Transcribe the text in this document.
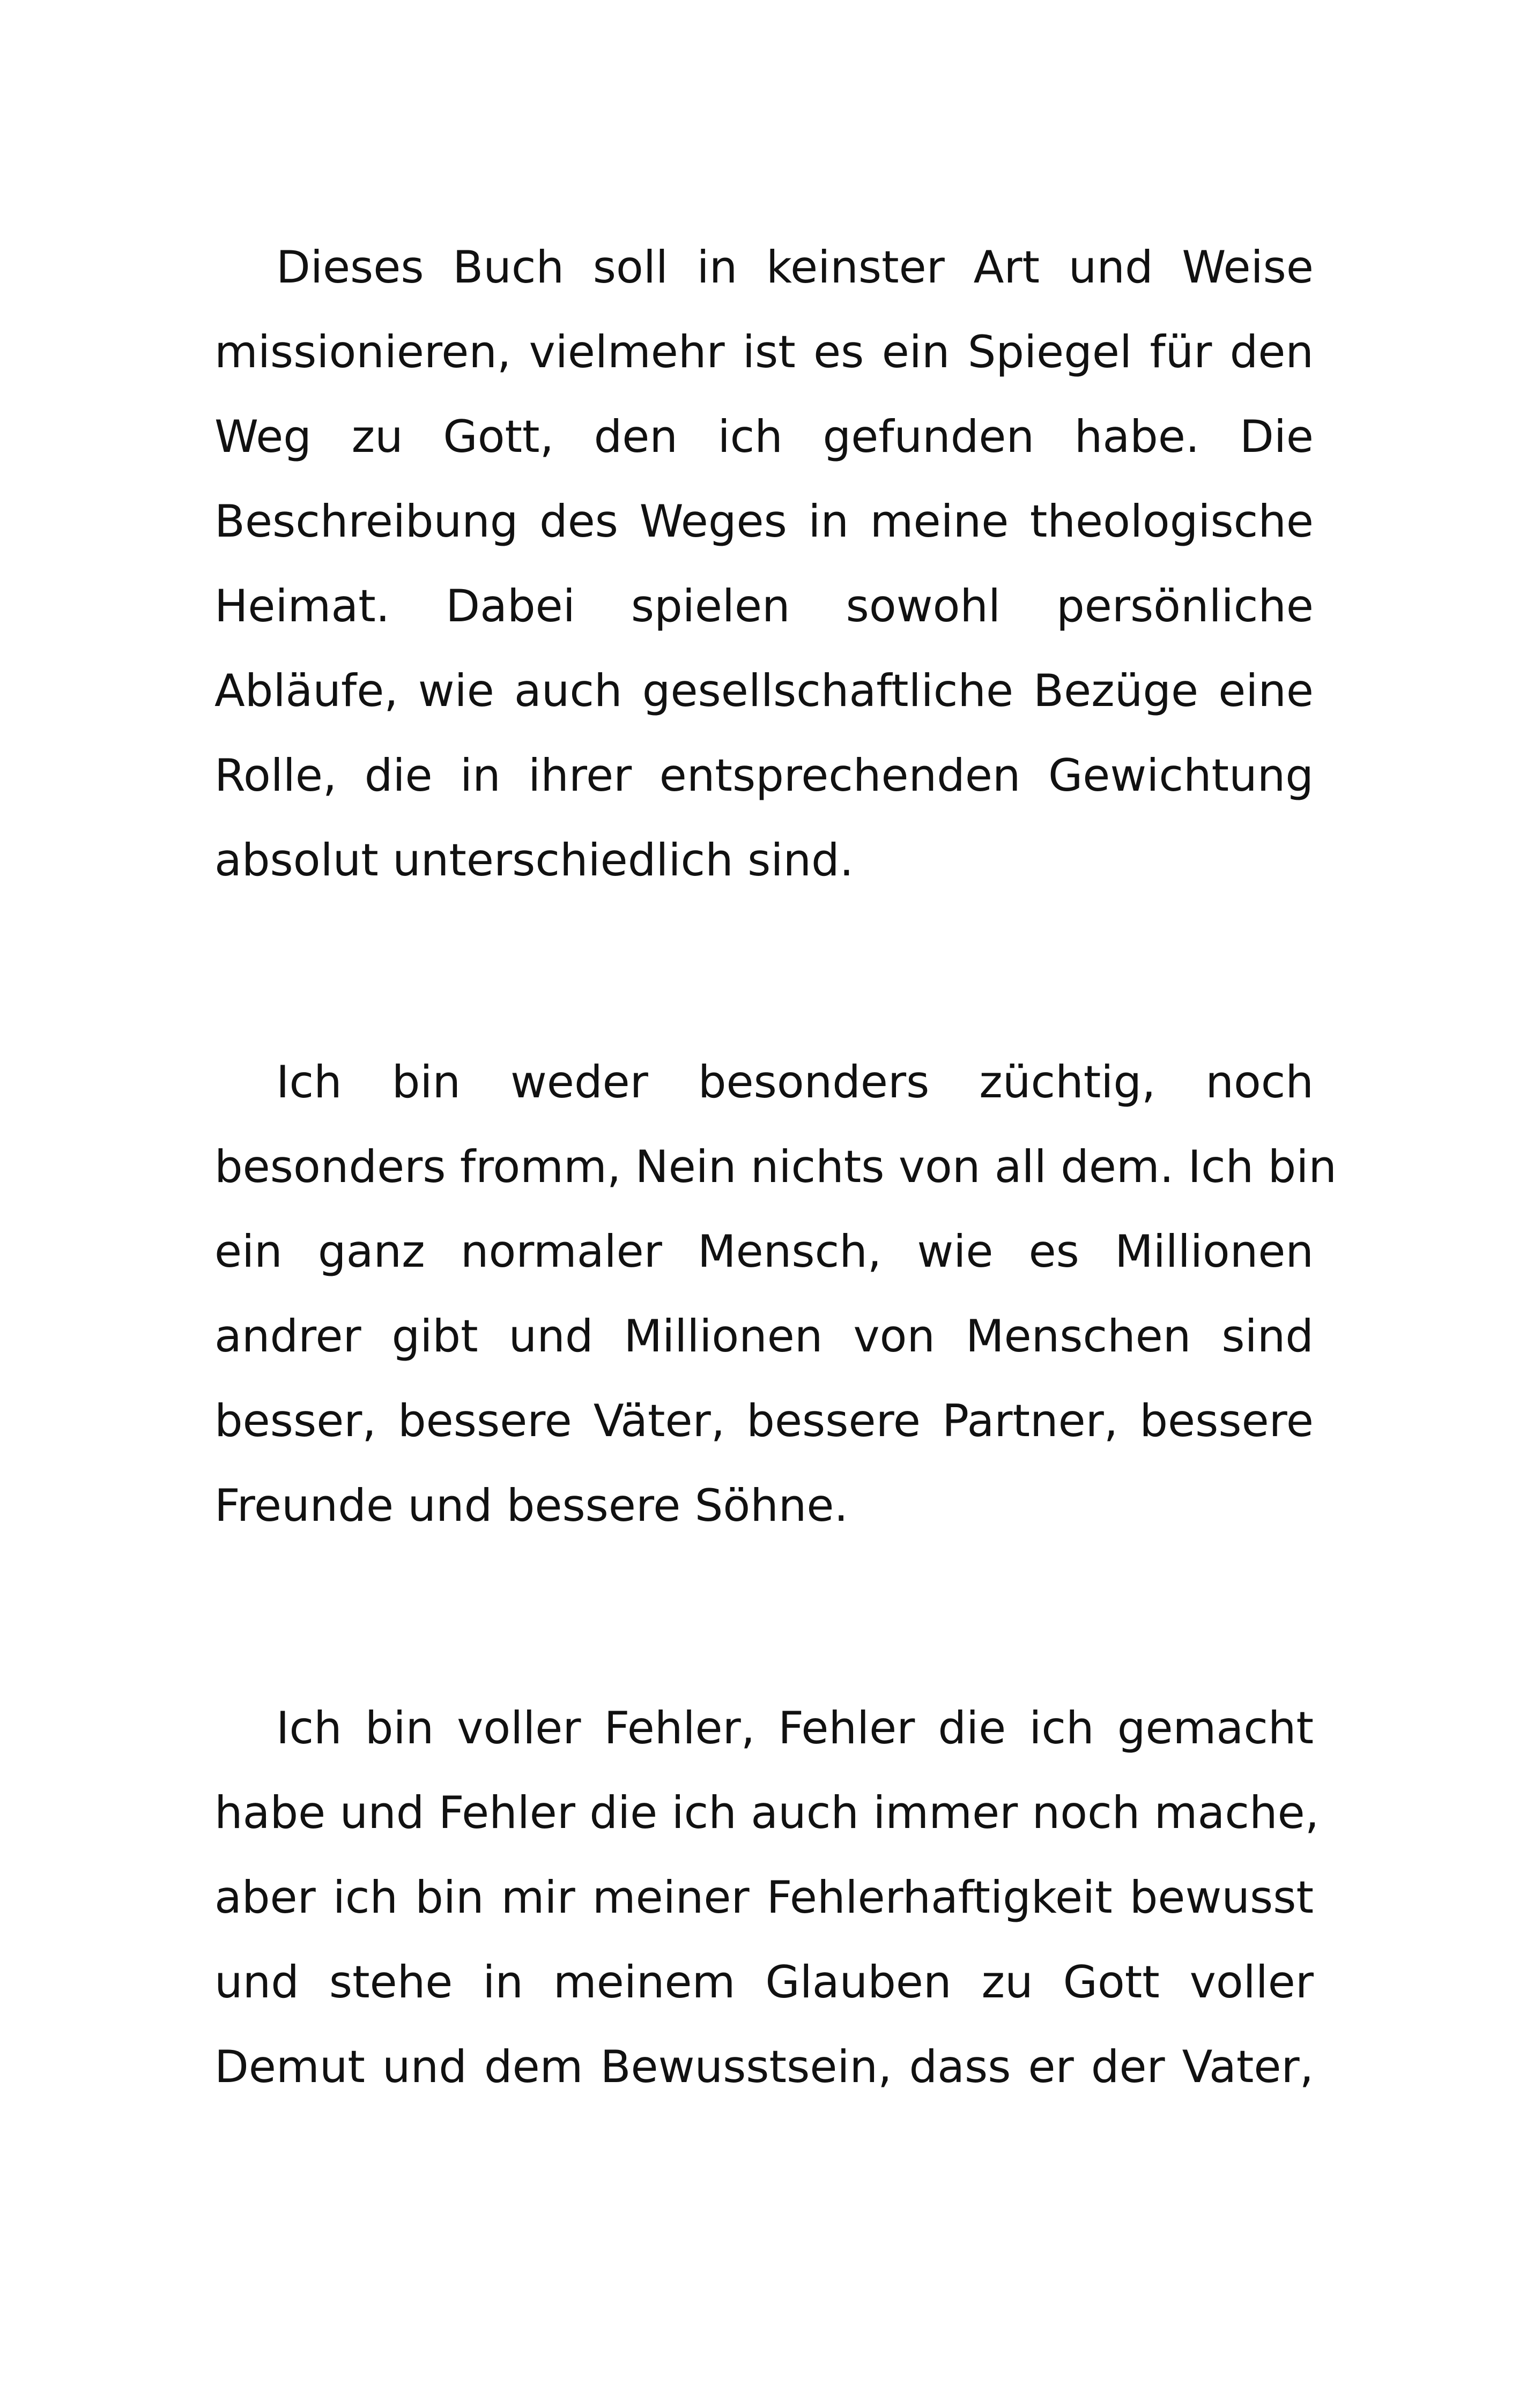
Dieses Buch soll in keinster Art und Weise
missionieren, vielmehr ist es ein Spiegel für den
Weg zu Gott, den ich gefunden habe. Die
Beschreibung des Weges in meine theologische
Heimat. Dabei spielen sowohl persönliche
Abläufe, wie auch gesellschaftliche Bezüge eine
Rolle, die in ihrer entsprechenden Gewichtung
absolut unterschiedlich sind.
Ich bin weder besonders züchtig, noch
besonders fromm, Nein nichts von all dem. Ich bin
ein ganz normaler Mensch, wie es Millionen
andrer gibt und Millionen von Menschen sind
besser, bessere Väter, bessere Partner, bessere
Freunde und bessere Söhne.
Ich bin voller Fehler, Fehler die ich gemacht
habe und Fehler die ich auch immer noch mache,
aber ich bin mir meiner Fehlerhaftigkeit bewusst
und stehe in meinem Glauben zu Gott voller
Demut und dem Bewusstsein, dass er der Vater,
